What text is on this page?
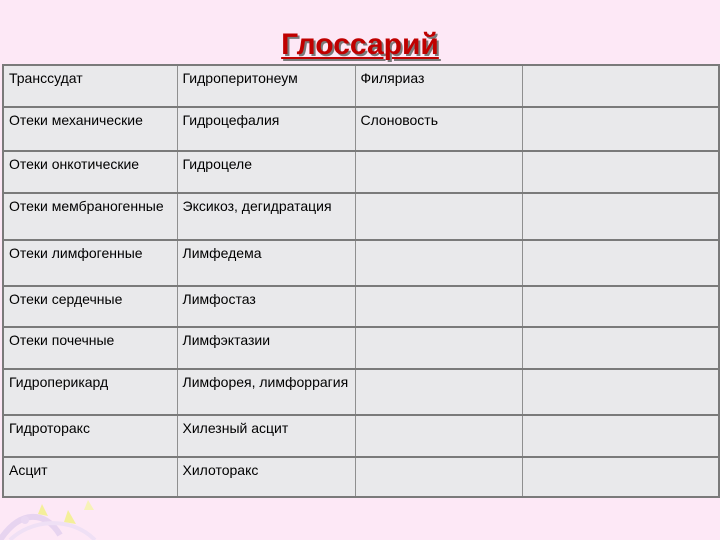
Глоссарий
Транссудат	Гидроперитонеум	Филяриаз	
Отеки механические	Гидроцефалия	Слоновость	
Отеки онкотические	Гидроцеле		
Отеки мембраногенные	Эксикоз, дегидратация		
Отеки лимфогенные	Лимфедема		
Отеки сердечные	Лимфостаз		
Отеки почечные	Лимфэктазии		
Гидроперикард	Лимфорея, лимфоррагия		
Гидроторакс	Хилезный асцит		
Асцит	Хилоторакс		
